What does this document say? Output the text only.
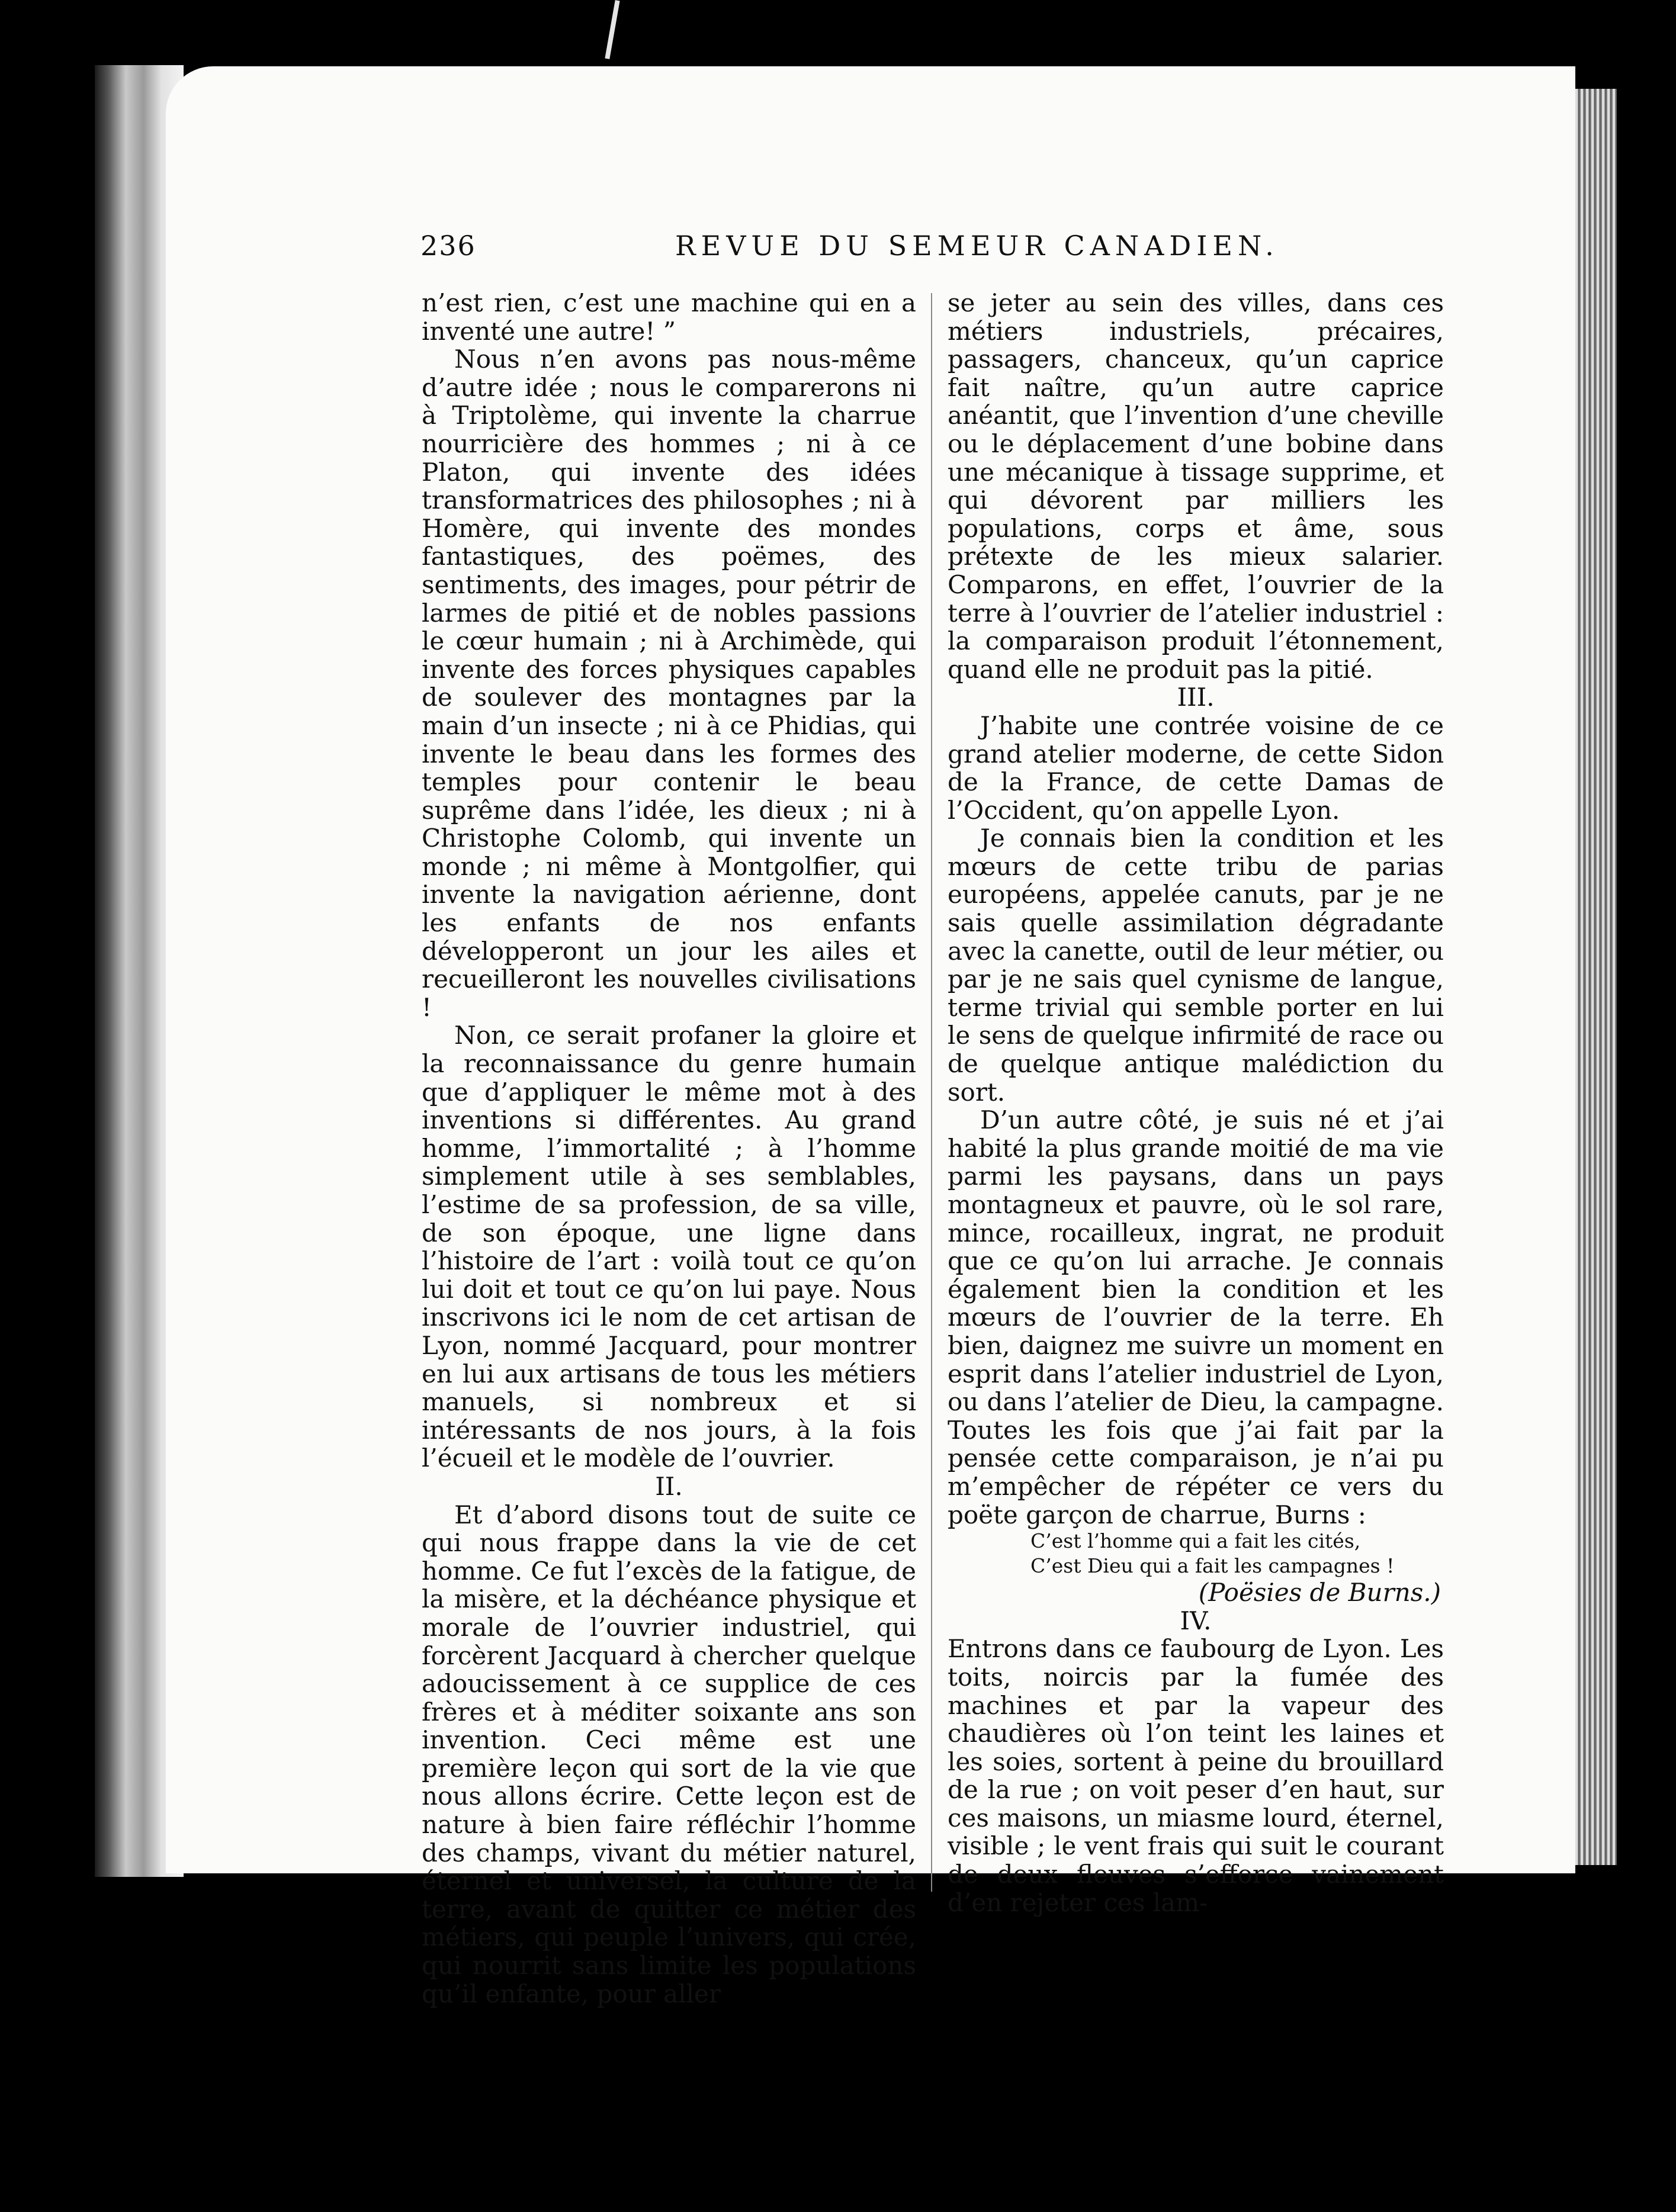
236	REVUE DU SEMEUR CANADIEN.

n’est rien, c’est une machine qui en a inventé une autre! ”

Nous n’en avons pas nous-même d’autre idée ; nous le comparerons ni à Triptolème, qui invente la charrue nourricière des hommes ; ni à ce Platon, qui invente des idées transformatrices des philosophes ; ni à Homère, qui invente des mondes fantastiques, des poëmes, des sentiments, des images, pour pétrir de larmes de pitié et de nobles passions le cœur humain ; ni à Archimède, qui invente des forces physiques capables de soulever des montagnes par la main d’un insecte ; ni à ce Phidias, qui invente le beau dans les formes des temples pour contenir le beau suprême dans l’idée, les dieux ; ni à Christophe Colomb, qui invente un monde ; ni même à Montgolfier, qui invente la navigation aérienne, dont les enfants de nos enfants développeront un jour les ailes et recueilleront les nouvelles civilisations !

Non, ce serait profaner la gloire et la reconnaissance du genre humain que d’appliquer le même mot à des inventions si différentes. Au grand homme, l’immortalité ; à l’homme simplement utile à ses semblables, l’estime de sa profession, de sa ville, de son époque, une ligne dans l’histoire de l’art : voilà tout ce qu’on lui doit et tout ce qu’on lui paye. Nous inscrivons ici le nom de cet artisan de Lyon, nommé Jacquard, pour montrer en lui aux artisans de tous les métiers manuels, si nombreux et si intéressants de nos jours, à la fois l’écueil et le modèle de l’ouvrier.

II.

Et d’abord disons tout de suite ce qui nous frappe dans la vie de cet homme. Ce fut l’excès de la fatigue, de la misère, et la déchéance physique et morale de l’ouvrier industriel, qui forcèrent Jacquard à chercher quelque adoucissement à ce supplice de ces frères et à méditer soixante ans son invention. Ceci même est une première leçon qui sort de la vie que nous allons écrire. Cette leçon est de nature à bien faire réfléchir l’homme des champs, vivant du métier naturel, éternel et universel, la culture de la terre, avant de quitter ce métier des métiers, qui peuple l’univers, qui crée, qui nourrit sans limite les populations qu’il enfante, pour aller

se jeter au sein des villes, dans ces métiers industriels, précaires, passagers, chanceux, qu’un caprice fait naître, qu’un autre caprice anéantit, que l’invention d’une cheville ou le déplacement d’une bobine dans une mécanique à tissage supprime, et qui dévorent par milliers les populations, corps et âme, sous prétexte de les mieux salarier. Comparons, en effet, l’ouvrier de la terre à l’ouvrier de l’atelier industriel : la comparaison produit l’étonnement, quand elle ne produit pas la pitié.

III.

J’habite une contrée voisine de ce grand atelier moderne, de cette Sidon de la France, de cette Damas de l’Occident, qu’on appelle Lyon.

Je connais bien la condition et les mœurs de cette tribu de parias européens, appelée canuts, par je ne sais quelle assimilation dégradante avec la canette, outil de leur métier, ou par je ne sais quel cynisme de langue, terme trivial qui semble porter en lui le sens de quelque infirmité de race ou de quelque antique malédiction du sort.

D’un autre côté, je suis né et j’ai habité la plus grande moitié de ma vie parmi les paysans, dans un pays montagneux et pauvre, où le sol rare, mince, rocailleux, ingrat, ne produit que ce qu’on lui arrache. Je connais également bien la condition et les mœurs de l’ouvrier de la terre. Eh bien, daignez me suivre un moment en esprit dans l’atelier industriel de Lyon, ou dans l’atelier de Dieu, la campagne. Toutes les fois que j’ai fait par la pensée cette comparaison, je n’ai pu m’empêcher de répéter ce vers du poëte garçon de charrue, Burns :

C’est l’homme qui a fait les cités,

C’est Dieu qui a fait les campagnes !

(Poësies de Burns.)

IV.

Entrons dans ce faubourg de Lyon. Les toits, noircis par la fumée des machines et par la vapeur des chaudières où l’on teint les laines et les soies, sortent à peine du brouillard de la rue ; on voit peser d’en haut, sur ces maisons, un miasme lourd, éternel, visible ; le vent frais qui suit le courant de deux fleuves s’efforce vainement d’en rejeter ces lam-
